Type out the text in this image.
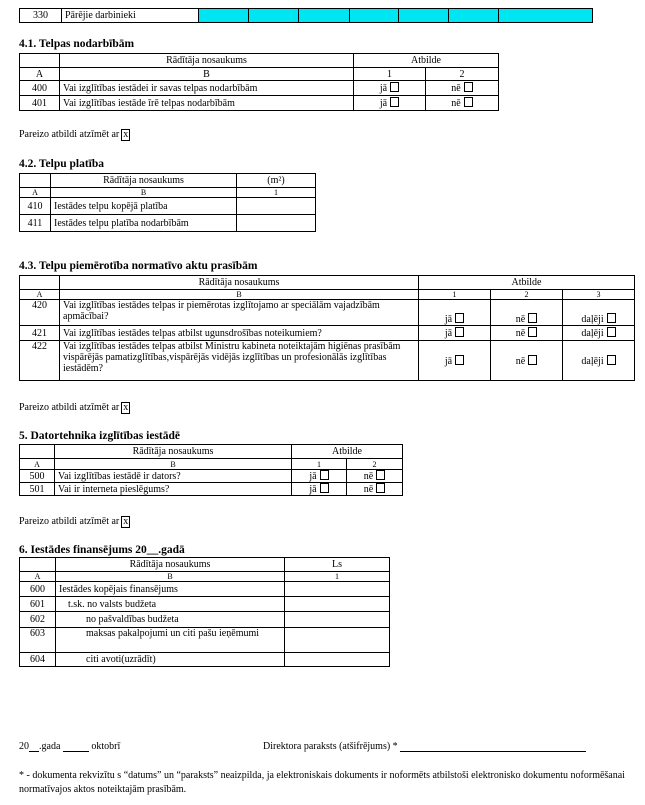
330	Pārējie darbinieki							
4.1. Telpas nodarbībām
	Rādītāja nosaukums	Atbilde	
A	B	1	2
400	Vai izglītības iestādei ir savas telpas nodarbībām	jā	nē
401	Vai izglītības iestāde īrē telpas nodarbībām	jā	nē
Pareizo atbildi atzīmēt ar x
4.2. Telpu platība
	Rādītāja nosaukums	(m²)
A	B	1
410	Iestādes telpu kopējā platība	
411	Iestādes telpu platība nodarbībām	
4.3. Telpu piemērotība normatīvo aktu prasībām
	Rādītāja nosaukums	Atbilde		
A	B	1	2	3
420	Vai izglītības iestādes telpas ir piemērotas izglītojamo ar speciālām vajadzībām apmācībai?	jā	nē	daļēji
421	Vai izglītības iestādes telpas atbilst ugunsdrošības noteikumiem?	jā	nē	daļēji
422	Vai izglītības iestādes telpas atbilst Ministru kabineta noteiktajām higiēnas prasībām vispārējās pamatizglītības,vispārējās vidējās izglītības un profesionālās izglītības iestādēm?	jā	nē	daļēji
Pareizo atbildi atzīmēt ar x
5. Datortehnika izglītības iestādē
	Rādītāja nosaukums	Atbilde	
A	B	1	2
500	Vai izglītības iestādē ir dators?	jā	nē
501	Vai ir interneta pieslēgums?	jā	nē
Pareizo atbildi atzīmēt ar x
6. Iestādes finansējums 20__.gadā
	Rādītāja nosaukums	Ls
A	B	1
600	Iestādes kopējais finansējums	
601	t.sk. no valsts budžeta	
602	no pašvaldības budžeta	
603	maksas pakalpojumi un citi pašu ieņēmumi	
604	citi avoti(uzrādīt)	
20 .gada	oktobrī	Direktora paraksts (atšifrējums) *
* - dokumenta rekvizītu s “datums” un “paraksts” neaizpilda, ja elektroniskais dokuments ir noformēts atbilstoši elektronisko dokumentu noformēšanai normatīvajos aktos noteiktajām prasībām.
